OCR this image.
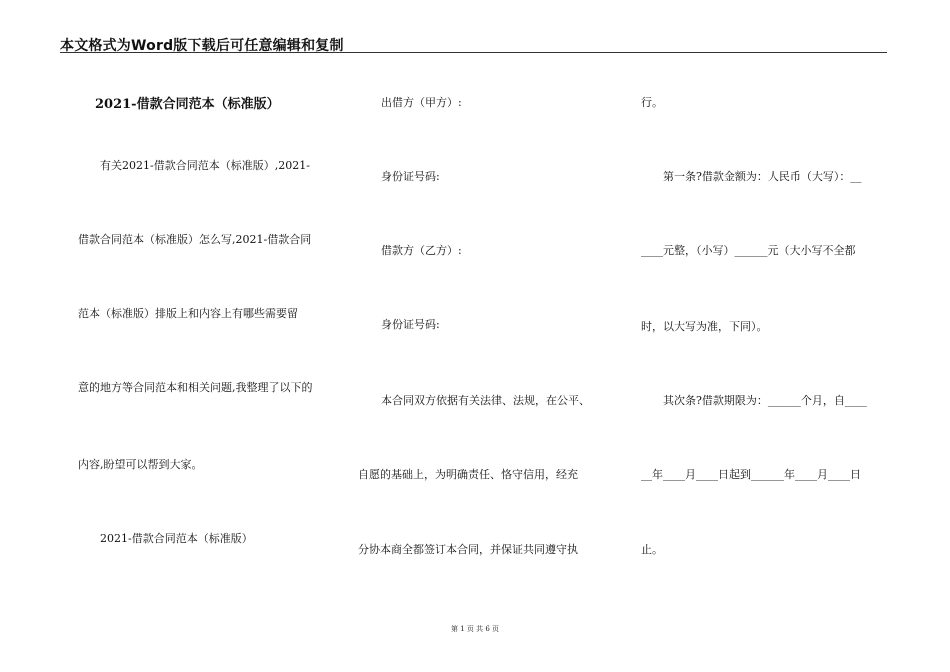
本文格式为Word版下载后可任意编辑和复制
2021-借款合同范本（标准版）
有关2021-借款合同范本（标准版）,2021-
借款合同范本（标准版）怎么写,2021-借款合同
范本（标准版）排版上和内容上有哪些需要留
意的地方等合同范本和相关问题,我整理了以下的
内容,盼望可以帮到大家。
2021-借款合同范本（标准版）
出借方（甲方）:
身份证号码:
借款方（乙方）:
身份证号码:
本合同双方依据有关法律、法规，在公平、
自愿的基础上，为明确责任、恪守信用，经充
分协本商全都签订本合同，并保证共同遵守执
行。
第一条?借款金额为：人民币（大写）：__
____元整，（小写）______元（大小写不全都
时，以大写为准，下同）。
其次条?借款期限为：______个月，自____
__年____月____日起到______年____月____日
止。
第 1 页 共 6 页
